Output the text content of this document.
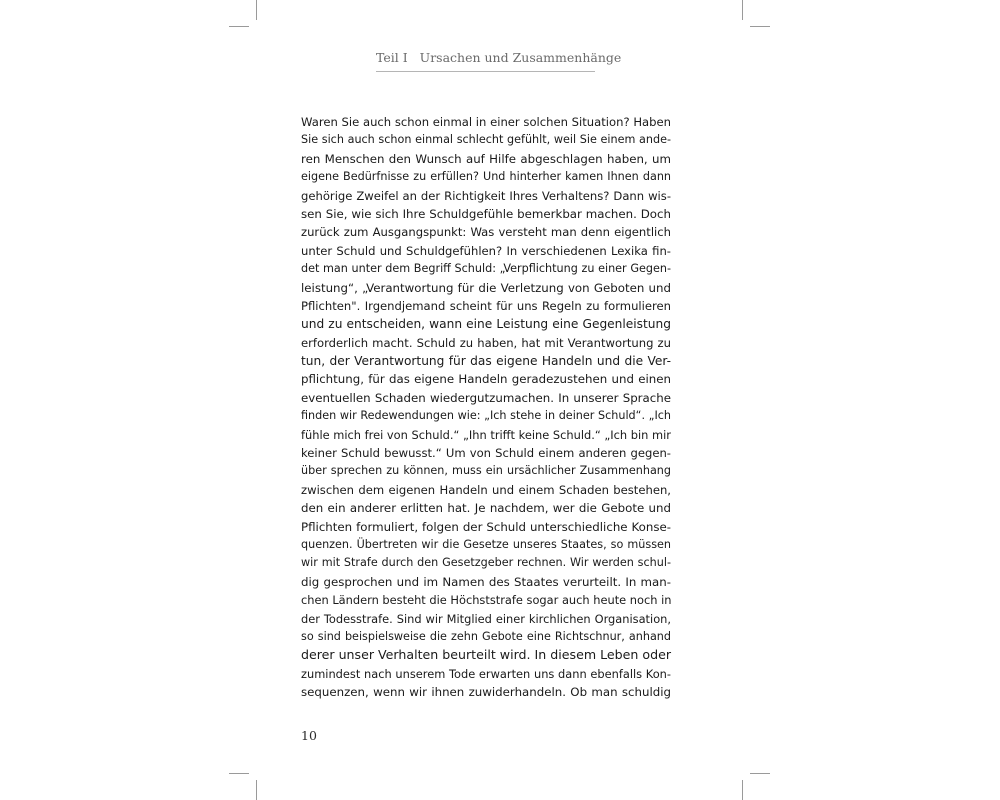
Teil I Ursachen und Zusammenhänge
Waren Sie auch schon einmal in einer solchen Situation? Haben
Sie sich auch schon einmal schlecht gefühlt, weil Sie einem ande-
ren Menschen den Wunsch auf Hilfe abgeschlagen haben, um
eigene Bedürfnisse zu erfüllen? Und hinterher kamen Ihnen dann
gehörige Zweifel an der Richtigkeit Ihres Verhaltens? Dann wis-
sen Sie, wie sich Ihre Schuldgefühle bemerkbar machen. Doch
zurück zum Ausgangspunkt: Was versteht man denn eigentlich
unter Schuld und Schuldgefühlen? In verschiedenen Lexika fin-
det man unter dem Begriff Schuld: „Verpflichtung zu einer Gegen-
leistung“, „Verantwortung für die Verletzung von Geboten und
Pflichten". Irgendjemand scheint für uns Regeln zu formulieren
und zu entscheiden, wann eine Leistung eine Gegenleistung
erforderlich macht. Schuld zu haben, hat mit Verantwortung zu
tun, der Verantwortung für das eigene Handeln und die Ver-
pflichtung, für das eigene Handeln geradezustehen und einen
eventuellen Schaden wiedergutzumachen. In unserer Sprache
finden wir Redewendungen wie: „Ich stehe in deiner Schuld“. „Ich
fühle mich frei von Schuld.“ „Ihn trifft keine Schuld.“ „Ich bin mir
keiner Schuld bewusst.“ Um von Schuld einem anderen gegen-
über sprechen zu können, muss ein ursächlicher Zusammenhang
zwischen dem eigenen Handeln und einem Schaden bestehen,
den ein anderer erlitten hat. Je nachdem, wer die Gebote und
Pflichten formuliert, folgen der Schuld unterschiedliche Konse-
quenzen. Übertreten wir die Gesetze unseres Staates, so müssen
wir mit Strafe durch den Gesetzgeber rechnen. Wir werden schul-
dig gesprochen und im Namen des Staates verurteilt. In man-
chen Ländern besteht die Höchststrafe sogar auch heute noch in
der Todesstrafe. Sind wir Mitglied einer kirchlichen Organisation,
so sind beispielsweise die zehn Gebote eine Richtschnur, anhand
derer unser Verhalten beurteilt wird. In diesem Leben oder
zumindest nach unserem Tode erwarten uns dann ebenfalls Kon-
sequenzen, wenn wir ihnen zuwiderhandeln. Ob man schuldig
10
